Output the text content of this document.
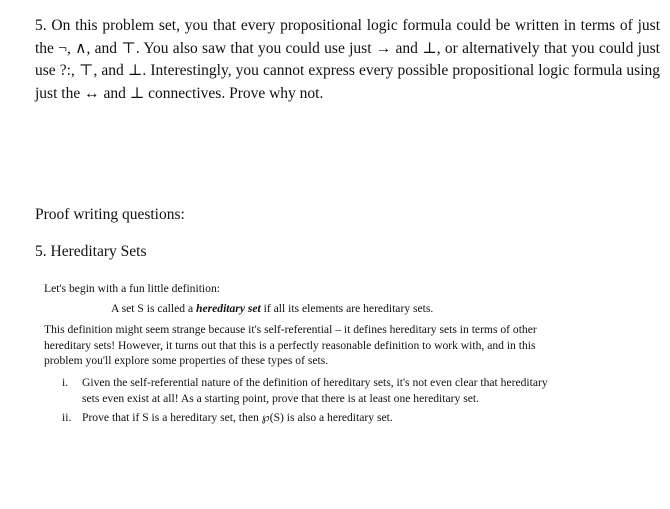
5. On this problem set, you that every propositional logic formula could be written in terms of just the ¬, ∧, and ⊤. You also saw that you could use just → and ⊥, or alternatively that you could just use ?:, ⊤, and ⊥. Interestingly, you cannot express every possible propositional logic formula using just the ↔ and ⊥ connectives. Prove why not.
Proof writing questions:
5. Hereditary Sets
Let's begin with a fun little definition:
A set S is called a hereditary set if all its elements are hereditary sets.
This definition might seem strange because it's self-referential – it defines hereditary sets in terms of other hereditary sets! However, it turns out that this is a perfectly reasonable definition to work with, and in this problem you'll explore some properties of these types of sets.
i. Given the self-referential nature of the definition of hereditary sets, it's not even clear that hereditary sets even exist at all! As a starting point, prove that there is at least one hereditary set.
ii. Prove that if S is a hereditary set, then ℘(S) is also a hereditary set.
